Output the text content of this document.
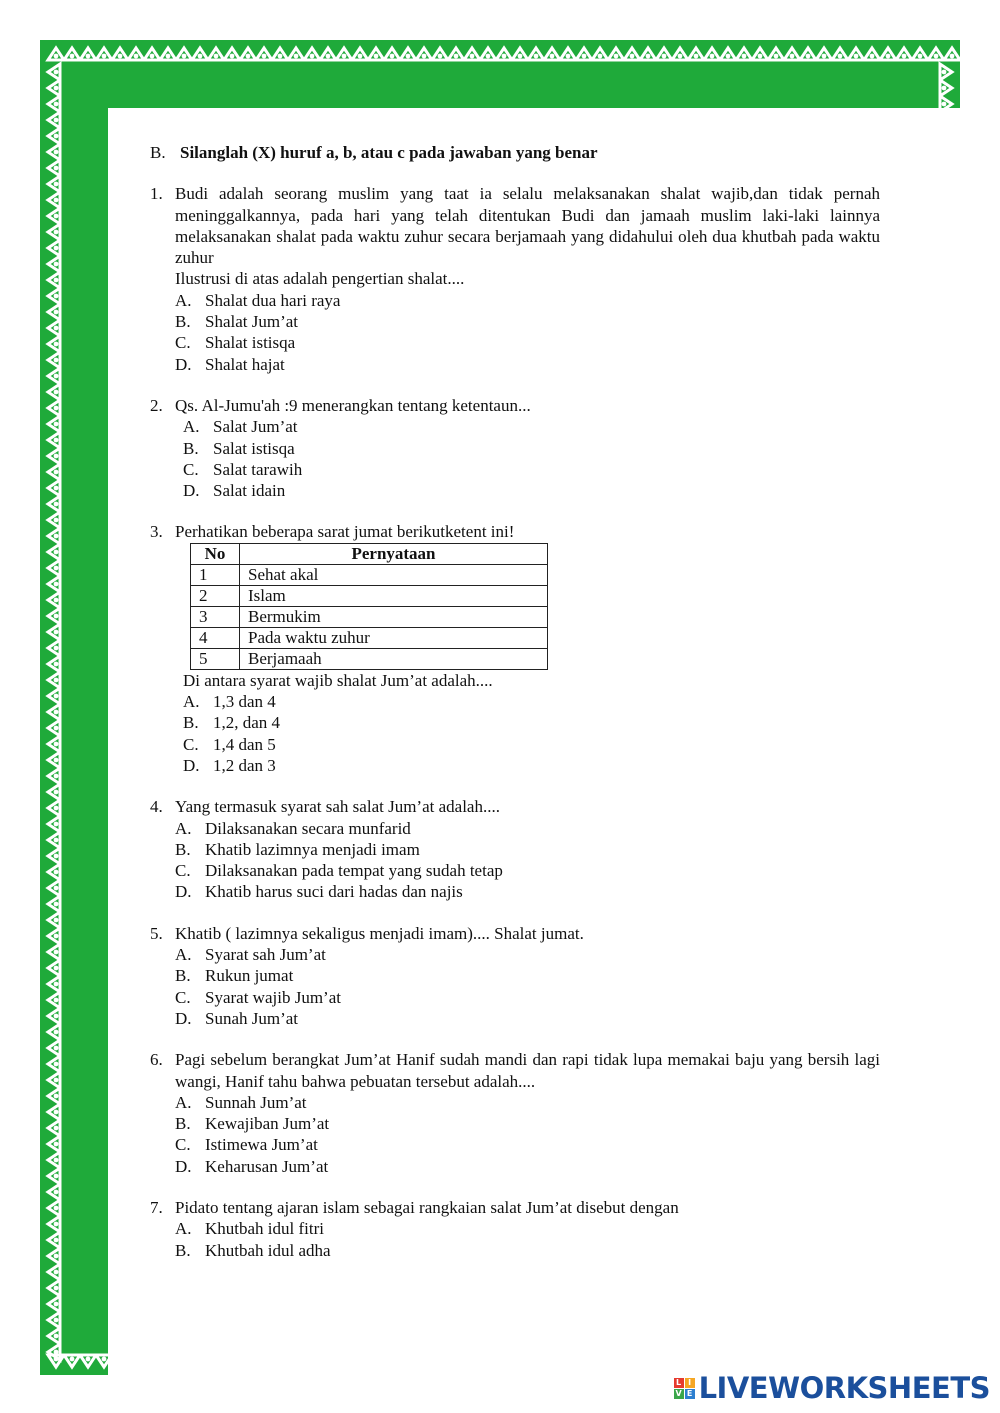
B. Silanglah (X) huruf a, b, atau c pada jawaban yang benar
1. Budi adalah seorang muslim yang taat ia selalu melaksanakan shalat wajib,dan tidak pernah meninggalkannya, pada hari yang telah ditentukan Budi dan jamaah muslim laki-laki lainnya melaksanakan shalat pada waktu zuhur secara berjamaah yang didahului oleh dua khutbah pada waktu zuhur
Ilustrusi di atas adalah pengertian shalat....
A. Shalat dua hari raya
B. Shalat Jum’at
C. Shalat istisqa
D. Shalat hajat
2. Qs. Al-Jumu'ah :9 menerangkan tentang ketentaun...
A. Salat Jum’at
B. Salat istisqa
C. Salat tarawih
D. Salat idain
3. Perhatikan beberapa sarat jumat berikutketent ini!
No	Pernyataan
1	Sehat akal
2	Islam
3	Bermukim
4	Pada waktu zuhur
5	Berjamaah
Di antara syarat wajib shalat Jum’at adalah....
A. 1,3 dan 4
B. 1,2, dan 4
C. 1,4 dan 5
D. 1,2 dan 3
4. Yang termasuk syarat sah salat Jum’at adalah....
A. Dilaksanakan secara munfarid
B. Khatib lazimnya menjadi imam
C. Dilaksanakan pada tempat yang sudah tetap
D. Khatib harus suci dari hadas dan najis
5. Khatib ( lazimnya sekaligus menjadi imam).... Shalat jumat.
A. Syarat sah Jum’at
B. Rukun jumat
C. Syarat wajib Jum’at
D. Sunah Jum’at
6. Pagi sebelum berangkat Jum’at Hanif sudah mandi dan rapi tidak lupa memakai baju yang bersih lagi wangi, Hanif tahu bahwa pebuatan tersebut adalah....
A. Sunnah Jum’at
B. Kewajiban Jum’at
C. Istimewa Jum’at
D. Keharusan Jum’at
7. Pidato tentang ajaran islam sebagai rangkaian salat Jum’at disebut dengan
A. Khutbah idul fitri
B. Khutbah idul adha
L I
V E LIVEWORKSHEETS
